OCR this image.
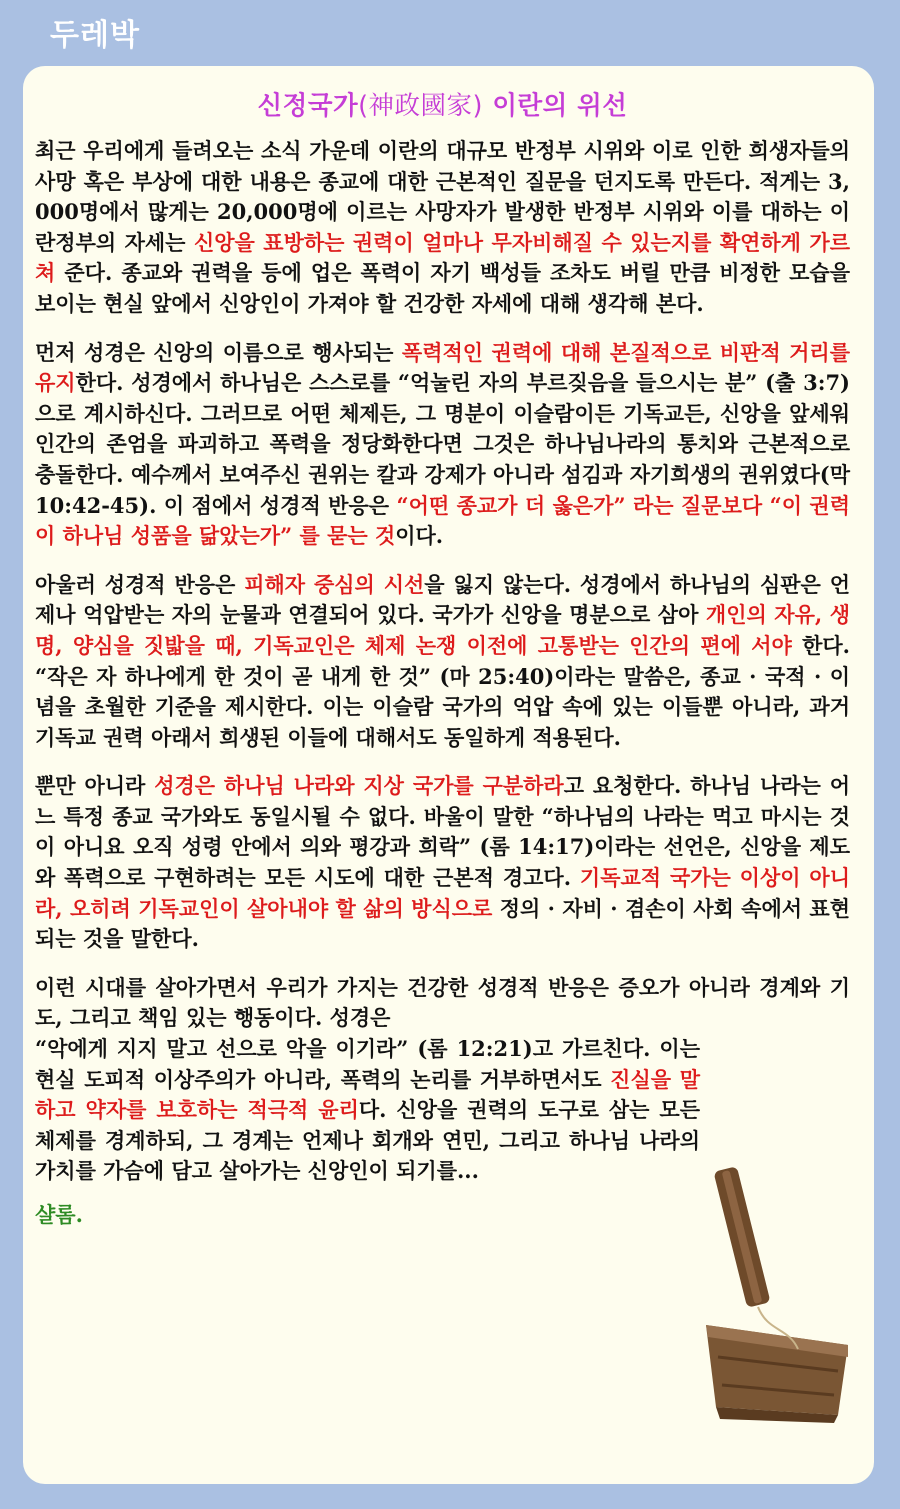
두레박
신정국가(神政國家) 이란의 위선

최근 우리에게 들려오는 소식 가운데 이란의 대규모 반정부 시위와 이로 인한 희생자들의 사망 혹은 부상에 대한 내용은 종교에 대한 근본적인 질문을 던지도록 만든다. 적게는 3,000명에서 많게는 20,000명에 이르는 사망자가 발생한 반정부 시위와 이를 대하는 이란정부의 자세는 신앙을 표방하는 권력이 얼마나 무자비해질 수 있는지를 확연하게 가르쳐 준다. 종교와 권력을 등에 업은 폭력이 자기 백성들 조차도 버릴 만큼 비정한 모습을 보이는 현실 앞에서 신앙인이 가져야 할 건강한 자세에 대해 생각해 본다.

먼저 성경은 신앙의 이름으로 행사되는 폭력적인 권력에 대해 본질적으로 비판적 거리를 유지한다. 성경에서 하나님은 스스로를 “억눌린 자의 부르짖음을 들으시는 분” (출 3:7)으로 계시하신다. 그러므로 어떤 체제든, 그 명분이 이슬람이든 기독교든, 신앙을 앞세워 인간의 존엄을 파괴하고 폭력을 정당화한다면 그것은 하나님나라의 통치와 근본적으로 충돌한다. 예수께서 보여주신 권위는 칼과 강제가 아니라 섬김과 자기희생의 권위였다(막 10:42-45). 이 점에서 성경적 반응은 “어떤 종교가 더 옳은가” 라는 질문보다 “이 권력이 하나님 성품을 닮았는가” 를 묻는 것이다.

아울러 성경적 반응은 피해자 중심의 시선을 잃지 않는다. 성경에서 하나님의 심판은 언제나 억압받는 자의 눈물과 연결되어 있다. 국가가 신앙을 명분으로 삼아 개인의 자유, 생명, 양심을 짓밟을 때, 기독교인은 체제 논쟁 이전에 고통받는 인간의 편에 서야 한다. “작은 자 하나에게 한 것이 곧 내게 한 것” (마 25:40)이라는 말씀은, 종교 · 국적 · 이념을 초월한 기준을 제시한다. 이는 이슬람 국가의 억압 속에 있는 이들뿐 아니라, 과거 기독교 권력 아래서 희생된 이들에 대해서도 동일하게 적용된다.

뿐만 아니라 성경은 하나님 나라와 지상 국가를 구분하라고 요청한다. 하나님 나라는 어느 특정 종교 국가와도 동일시될 수 없다. 바울이 말한 “하나님의 나라는 먹고 마시는 것이 아니요 오직 성령 안에서 의와 평강과 희락” (롬 14:17)이라는 선언은, 신앙을 제도와 폭력으로 구현하려는 모든 시도에 대한 근본적 경고다. 기독교적 국가는 이상이 아니라, 오히려 기독교인이 살아내야 할 삶의 방식으로 정의 · 자비 · 겸손이 사회 속에서 표현되는 것을 말한다.

이런 시대를 살아가면서 우리가 가지는 건강한 성경적 반응은 증오가 아니라 경계와 기도, 그리고 책임 있는 행동이다. 성경은
“악에게 지지 말고 선으로 악을 이기라” (롬 12:21)고 가르친다. 이는 현실 도피적 이상주의가 아니라, 폭력의 논리를 거부하면서도 진실을 말하고 약자를 보호하는 적극적 윤리다. 신앙을 권력의 도구로 삼는 모든 체제를 경계하되, 그 경계는 언제나 회개와 연민, 그리고 하나님 나라의 가치를 가슴에 담고 살아가는 신앙인이 되기를...

샬롬.
